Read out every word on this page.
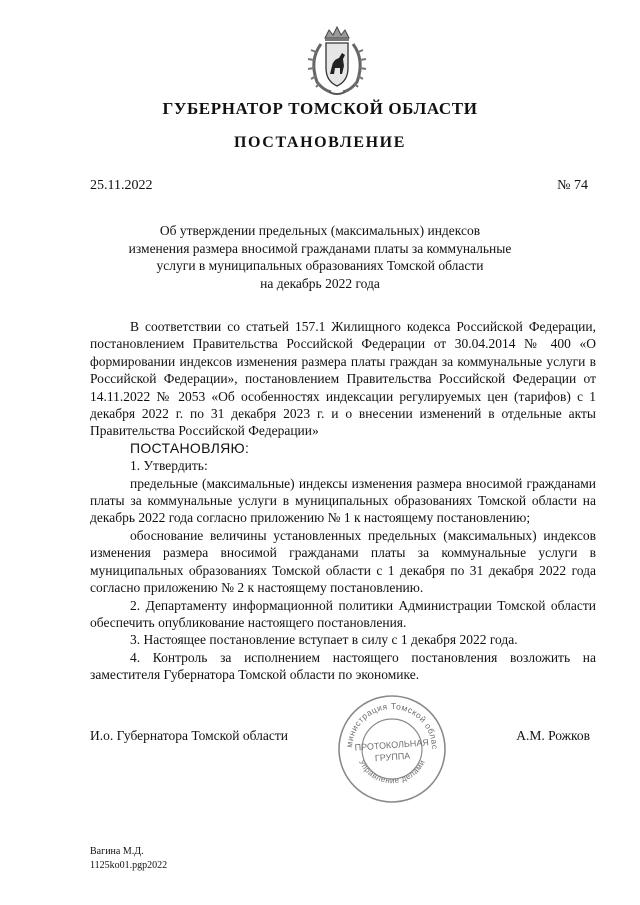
ГУБЕРНАТОР ТОМСКОЙ ОБЛАСТИ
ПОСТАНОВЛЕНИЕ
25.11.2022	№ 74
Об утверждении предельных (максимальных) индексов
изменения размера вносимой гражданами платы за коммунальные
услуги в муниципальных образованиях Томской области
на декабрь 2022 года

В соответствии со статьей 157.1 Жилищного кодекса Российской Федерации, постановлением Правительства Российской Федерации от 30.04.2014 № 400 «О формировании индексов изменения размера платы граждан за коммунальные услуги в Российской Федерации», постановлением Правительства Российской Федерации от 14.11.2022 № 2053 «Об особенностях индексации регулируемых цен (тарифов) с 1 декабря 2022 г. по 31 декабря 2023 г. и о внесении изменений в отдельные акты Правительства Российской Федерации»

ПОСТАНОВЛЯЮ:

1. Утвердить:

предельные (максимальные) индексы изменения размера вносимой гражданами платы за коммунальные услуги в муниципальных образованиях Томской области на декабрь 2022 года согласно приложению № 1 к настоящему постановлению;

обоснование величины установленных предельных (максимальных) индексов изменения размера вносимой гражданами платы за коммунальные услуги в муниципальных образованиях Томской области с 1 декабря по 31 декабря 2022 года согласно приложению № 2 к настоящему постановлению.

2. Департаменту информационной политики Администрации Томской области обеспечить опубликование настоящего постановления.

3. Настоящее постановление вступает в силу с 1 декабря 2022 года.

4. Контроль за исполнением настоящего постановления возложить на заместителя Губернатора Томской области по экономике.

И.о. Губернатора Томской области	А.М. Рожков
министрация Томской облас
Управление делами
ПРОТОКОЛЬНАЯ
ГРУППА
Вагина М.Д.
1125ko01.pgp2022
